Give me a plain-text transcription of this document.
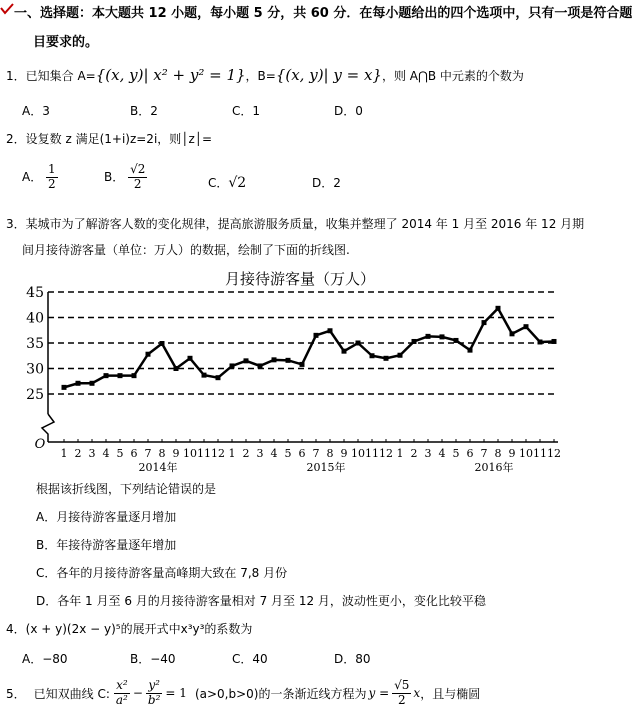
一、选择题：本大题共 12 小题，每小题 5 分，共 60 分．在每小题给出的四个选项中，只有一项是符合题
目要求的。
1．已知集合 A={(x, y)| x² + y² = 1}，B={(x, y)| y = x}，则 A⋂B 中元素的个数为
A．3	B．2	C．1	D．0
2．设复数 z 满足(1+i)z=2i，则│z│=
A． $\frac{1}{2}$	B． $\frac{√2}{2}$	C．√2	D．2
3．某城市为了解游客人数的变化规律，提高旅游服务质量，收集并整理了 2014 年 1 月至 2016 年 12 月期
间月接待游客量（单位：万人）的数据，绘制了下面的折线图.
月接待游客量（万人）
25
30
35
40
45
O
1 2 3 4 5 6 7 8 9 10 11 12 1 2 3 4 5 6 7 8 9 10 11 12 1 2 3 4 5 6 7 8 9 10 11 12
2014年	2015年	2016年
根据该折线图，下列结论错误的是
A．月接待游客量逐月增加
B．年接待游客量逐年增加
C．各年的月接待游客量高峰期大致在 7,8 月份
D．各年 1 月至 6 月的月接待游客量相对 7 月至 12 月，波动性更小，变化比较平稳
4．(x + y)(2x − y)⁵的展开式中x³y³的系数为
A．−80	B．−40	C．40	D．80
5． 已知双曲线 C: $\frac{\text{x²}}{\text{a²}} - \frac{\text{y²}}{\text{b²}} = 1$ (a>0,b>0)的一条渐近线方程为 $y = \frac{√5}{2}$ x ，且与椭圆
